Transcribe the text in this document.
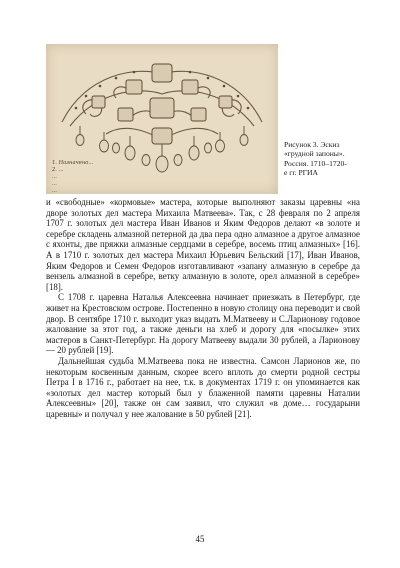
1. Назначено...
2. ...
...
...
...
Рисунок 3. Эскиз
«грудной запоны».
Россия. 1710–1720-
е гг. РГИА

и «свободные» «кормовые» мастера, которые выполняют заказы царевны «на дворе золотых дел мастера Михаила Матвеева». Так, с 28 февраля по 2 апреля 1707 г. золотых дел мастера Иван Иванов и Яким Федоров делают «в золоте и серебре складень алмазной петерной да два пера одно алмазное а другое алмазное с яхонты, две пряжки алмазные сердцами в серебре, восемь птиц алмазных» [16]. А в 1710 г. золотых дел мастера Михаил Юрьевич Бельский [17], Иван Иванов, Яким Федоров и Семен Федоров изготавливают «запану алмазную в серебре да вензель алмазной в серебре, ветку алмазную в золоте, орел алмазной в серебре» [18].

С 1708 г. царевна Наталья Алексеевна начинает приезжать в Петербург, где живет на Крестовском острове. Постепенно в новую столицу она переводит и свой двор. В сентябре 1710 г. выходит указ выдать М.Матвееву и С.Ларионову годовое жалование за этот год, а также деньги на хлеб и дорогу для «посылке» этих мастеров в Санкт-Петербург. На дорогу Матвееву выдали 30 рублей, а Ларионову — 20 рублей [19].

Дальнейшая судьба М.Матвеева пока не известна. Самсон Ларионов же, по некоторым косвенным данным, скорее всего вплоть до смерти родной сестры Петра I в 1716 г., работает на нее, т.к. в документах 1719 г. он упоминается как «золотых дел мастер который был у блаженной памяти царевны Наталии Алексеевны» [20], также он сам заявил, что служил «в доме… государыни царевны» и получал у нее жалование в 50 рублей [21].

45
